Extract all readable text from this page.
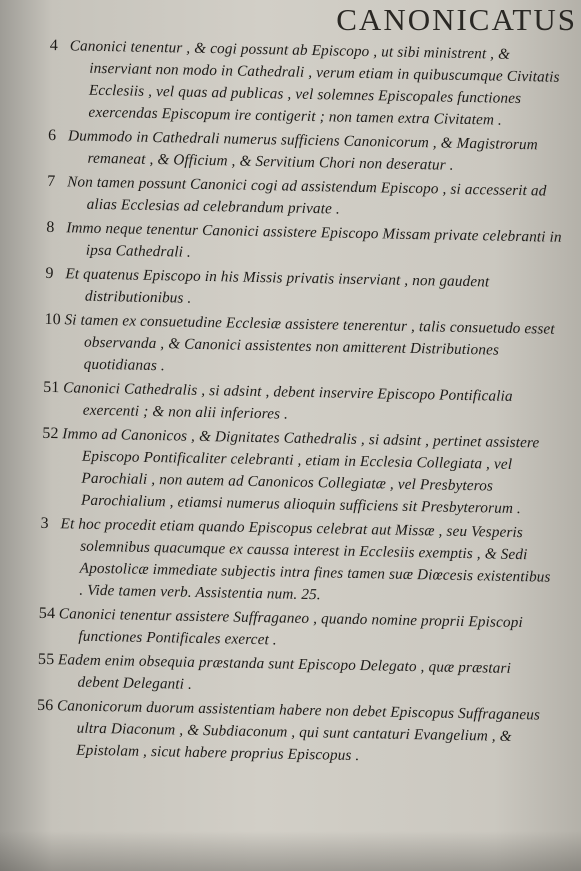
CANONICATUS
4 Canonici tenentur , & cogi possunt ab Episcopo , ut sibi ministrent , & inserviant non modo in Cathedrali , verum etiam in quibuscumque Civitatis Ecclesiis , vel quas ad publicas , vel solemnes Episcopales functiones exercendas Episcopum ire contigerit ; non tamen extra Civitatem .
6 Dummodo in Cathedrali numerus sufficiens Canonicorum , & Magistrorum remaneat , & Officium , & Servitium Chori non deseratur .
7 Non tamen possunt Canonici cogi ad assistendum Episcopo , si accesserit ad alias Ecclesias ad celebrandum private .
8 Immo neque tenentur Canonici assistere Episcopo Missam private celebranti in ipsa Cathedrali .
9 Et quatenus Episcopo in his Missis privatis inserviant , non gaudent distributionibus .
10 Si tamen ex consuetudine Ecclesiæ assistere tenerentur , talis consuetudo esset observanda , & Canonici assistentes non amitterent Distributiones quotidianas .
51 Canonici Cathedralis , si adsint , debent inservire Episcopo Pontificalia exercenti ; & non alii inferiores .
52 Immo ad Canonicos , & Dignitates Cathedralis , si adsint , pertinet assistere Episcopo Pontificaliter celebranti , etiam in Ecclesia Collegiata , vel Parochiali , non autem ad Canonicos Collegiatæ , vel Presbyteros Parochialium , etiamsi numerus alioquin sufficiens sit Presbyterorum .
3 Et hoc procedit etiam quando Episcopus celebrat aut Missæ , seu Vesperis solemnibus quacumque ex caussa interest in Ecclesiis exemptis , & Sedi Apostolicæ immediate subjectis intra fines tamen suæ Diœcesis existentibus . Vide tamen verb. Assistentia num. 25.
54 Canonici tenentur assistere Suffraganeo , quando nomine proprii Episcopi functiones Pontificales exercet .
55 Eadem enim obsequia præstanda sunt Episcopo Delegato , quæ præstari debent Deleganti .
56 Canonicorum duorum assistentiam habere non debet Episcopus Suffraganeus ultra Diaconum , & Subdiaconum , qui sunt cantaturi Evangelium , & Epistolam , sicut habere proprius Episcopus .
